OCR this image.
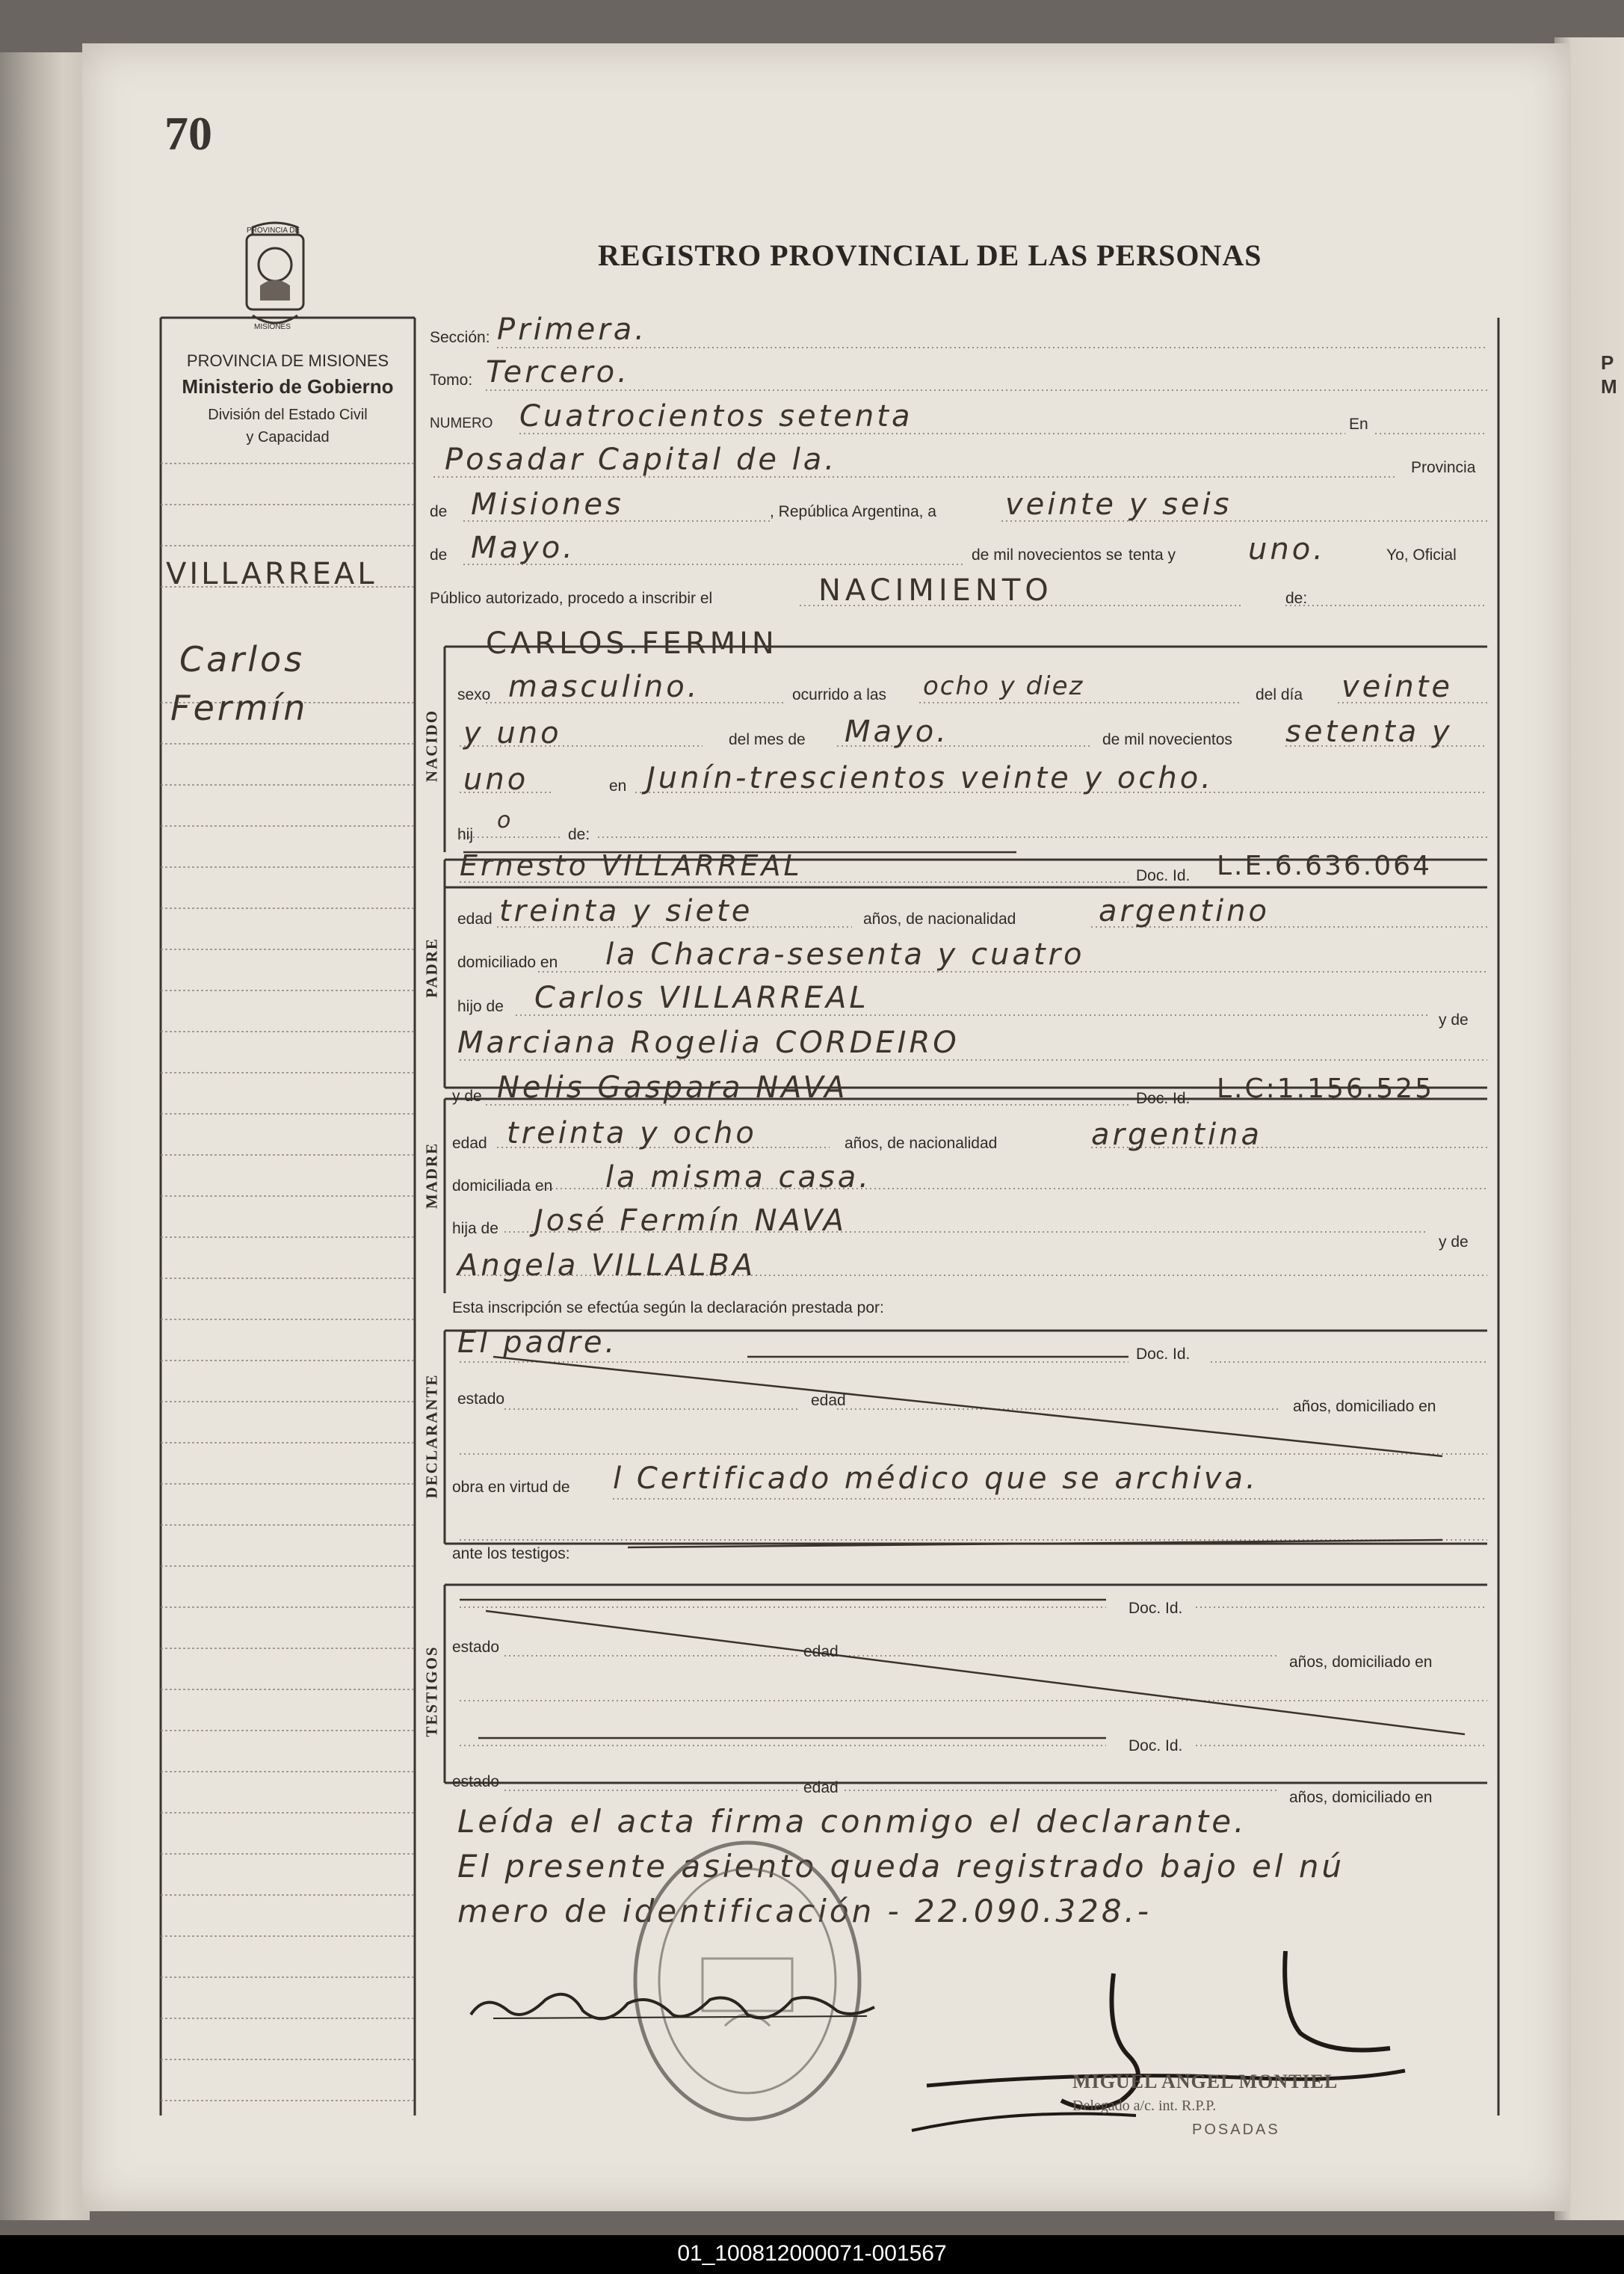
P
M
70
PROVINCIA DE
MISIONES
REGISTRO PROVINCIAL DE LAS PERSONAS
PROVINCIA DE MISIONES
Ministerio de Gobierno
División del Estado Civil
y Capacidad
VILLARREAL
Carlos
Fermín
Sección: Primera.
Tomo: Tercero.
NUMERO Cuatrocientos setenta	En
Posadar Capital de la.	Provincia
de Misiones	, República Argentina, a veinte y seis
de Mayo.	de mil novecientos se tenta y uno.	Yo, Oficial
Público autorizado, procedo a inscribir el	NACIMIENTO	de:
NACIDO
CARLOS.FERMIN
sexo masculino.	ocurrido a las ocho y diez	del día veinte
y uno	del mes de Mayo.	de mil novecientos setenta y
uno	en Junín-trescientos veinte y ocho.
hij
o
de:
PADRE
Ernesto VILLARREAL	Doc. Id. L.E.6.636.064
edad treinta y siete	años, de nacionalidad	argentino
domiciliado en la Chacra-sesenta y cuatro
hijo de Carlos VILLARREAL
y de
Marciana Rogelia CORDEIRO
MADRE
y de Nelis Gaspara NAVA	Doc. Id. L.C:1.156.525
edad treinta y ocho	años, de nacionalidad	argentina
domiciliada en la misma casa.
hija de José Fermín NAVA
y de
Angela VILLALBA
Esta inscripción se efectúa según la declaración prestada por:
DECLARANTE
El padre.	Doc. Id.
estado	edad	años, domiciliado en
obra en virtud de l Certificado médico que se archiva.
ante los testigos:
TESTIGOS
Doc. Id.
estado	edad
años, domiciliado en
Doc. Id.
estado	edad
años, domiciliado en
Leída el acta firma conmigo el declarante.
El presente asiento queda registrado bajo el nú
mero de identificación - 22.090.328.-
MIGUEL ANGEL MONTIEL
Delegado a/c. int. R.P.P.
POSADAS
01_100812000071-001567
